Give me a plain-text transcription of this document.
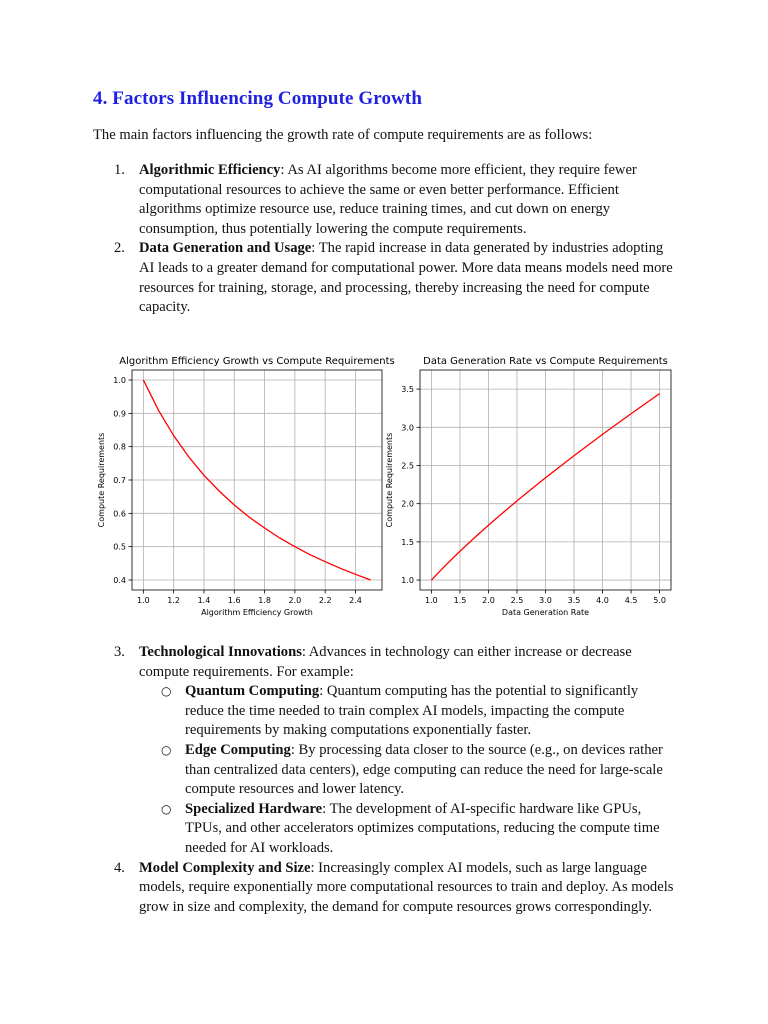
4. Factors Influencing Compute Growth

The main factors influencing the growth rate of compute requirements are as follows:

1. Algorithmic Efficiency: As AI algorithms become more efficient, they require fewer computational resources to achieve the same or even better performance. Efficient algorithms optimize resource use, reduce training times, and cut down on energy consumption, thus potentially lowering the compute requirements.
2. Data Generation and Usage: The rapid increase in data generated by industries adopting AI leads to a greater demand for computational power. More data means models need more resources for training, storage, and processing, thereby increasing the need for compute capacity.
1.0 1.2 1.4 1.6 1.8 2.0 2.2 2.4
0.4
0.5
0.6
0.7
0.8
0.9
1.0
Algorithm Efficiency Growth vs Compute Requirements
Algorithm Efficiency Growth
Compute Requirements
1.0 1.5 2.0 2.5 3.0 3.5 4.0 4.5 5.0
1.0
1.5
2.0
2.5
3.0
3.5
Data Generation Rate vs Compute Requirements
Data Generation Rate
Compute Requirements
3. Technological Innovations: Advances in technology can either increase or decrease compute requirements. For example:
○ Quantum Computing: Quantum computing has the potential to significantly reduce the time needed to train complex AI models, impacting the compute requirements by making computations exponentially faster.
○ Edge Computing: By processing data closer to the source (e.g., on devices rather than centralized data centers), edge computing can reduce the need for large-scale compute resources and lower latency.
○ Specialized Hardware: The development of AI-specific hardware like GPUs, TPUs, and other accelerators optimizes computations, reducing the compute time needed for AI workloads.
4. Model Complexity and Size: Increasingly complex AI models, such as large language models, require exponentially more computational resources to train and deploy. As models grow in size and complexity, the demand for compute resources grows correspondingly.
